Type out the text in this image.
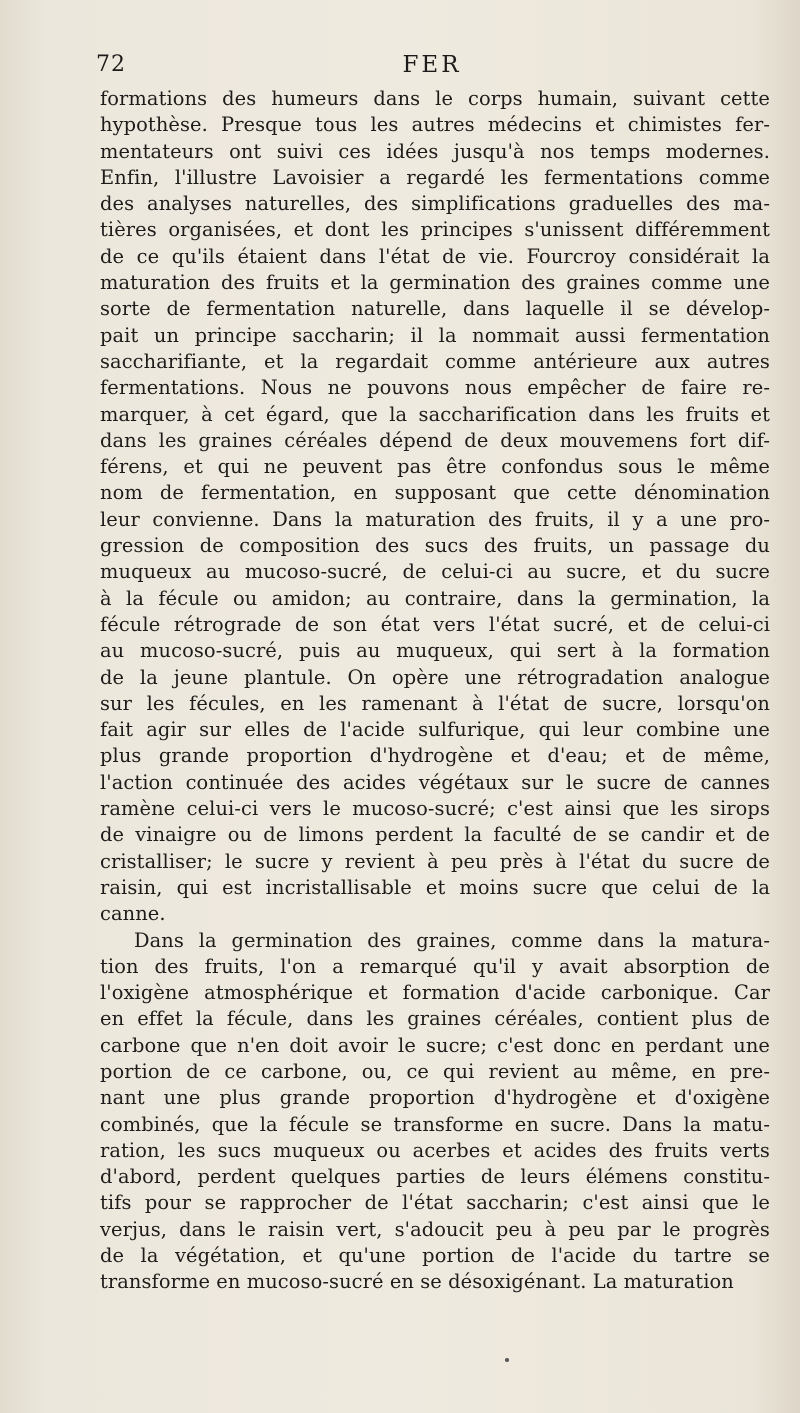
72	FER
formations des humeurs dans le corps humain, suivant cette
hypothèse. Presque tous les autres médecins et chimistes fer-
mentateurs ont suivi ces idées jusqu'à nos temps modernes.
Enfin, l'illustre Lavoisier a regardé les fermentations comme
des analyses naturelles, des simplifications graduelles des ma-
tières organisées, et dont les principes s'unissent différemment
de ce qu'ils étaient dans l'état de vie. Fourcroy considérait la
maturation des fruits et la germination des graines comme une
sorte de fermentation naturelle, dans laquelle il se dévelop-
pait un principe saccharin; il la nommait aussi fermentation
saccharifiante, et la regardait comme antérieure aux autres
fermentations. Nous ne pouvons nous empêcher de faire re-
marquer, à cet égard, que la saccharification dans les fruits et
dans les graines céréales dépend de deux mouvemens fort dif-
férens, et qui ne peuvent pas être confondus sous le même
nom de fermentation, en supposant que cette dénomination
leur convienne. Dans la maturation des fruits, il y a une pro-
gression de composition des sucs des fruits, un passage du
muqueux au mucoso-sucré, de celui-ci au sucre, et du sucre
à la fécule ou amidon; au contraire, dans la germination, la
fécule rétrograde de son état vers l'état sucré, et de celui-ci
au mucoso-sucré, puis au muqueux, qui sert à la formation
de la jeune plantule. On opère une rétrogradation analogue
sur les fécules, en les ramenant à l'état de sucre, lorsqu'on
fait agir sur elles de l'acide sulfurique, qui leur combine une
plus grande proportion d'hydrogène et d'eau; et de même,
l'action continuée des acides végétaux sur le sucre de cannes
ramène celui-ci vers le mucoso-sucré; c'est ainsi que les sirops
de vinaigre ou de limons perdent la faculté de se candir et de
cristalliser; le sucre y revient à peu près à l'état du sucre de
raisin, qui est incristallisable et moins sucre que celui de la
canne.
Dans la germination des graines, comme dans la matura-
tion des fruits, l'on a remarqué qu'il y avait absorption de
l'oxigène atmosphérique et formation d'acide carbonique. Car
en effet la fécule, dans les graines céréales, contient plus de
carbone que n'en doit avoir le sucre; c'est donc en perdant une
portion de ce carbone, ou, ce qui revient au même, en pre-
nant une plus grande proportion d'hydrogène et d'oxigène
combinés, que la fécule se transforme en sucre. Dans la matu-
ration, les sucs muqueux ou acerbes et acides des fruits verts
d'abord, perdent quelques parties de leurs élémens constitu-
tifs pour se rapprocher de l'état saccharin; c'est ainsi que le
verjus, dans le raisin vert, s'adoucit peu à peu par le progrès
de la végétation, et qu'une portion de l'acide du tartre se
transforme en mucoso-sucré en se désoxigénant. La maturation
